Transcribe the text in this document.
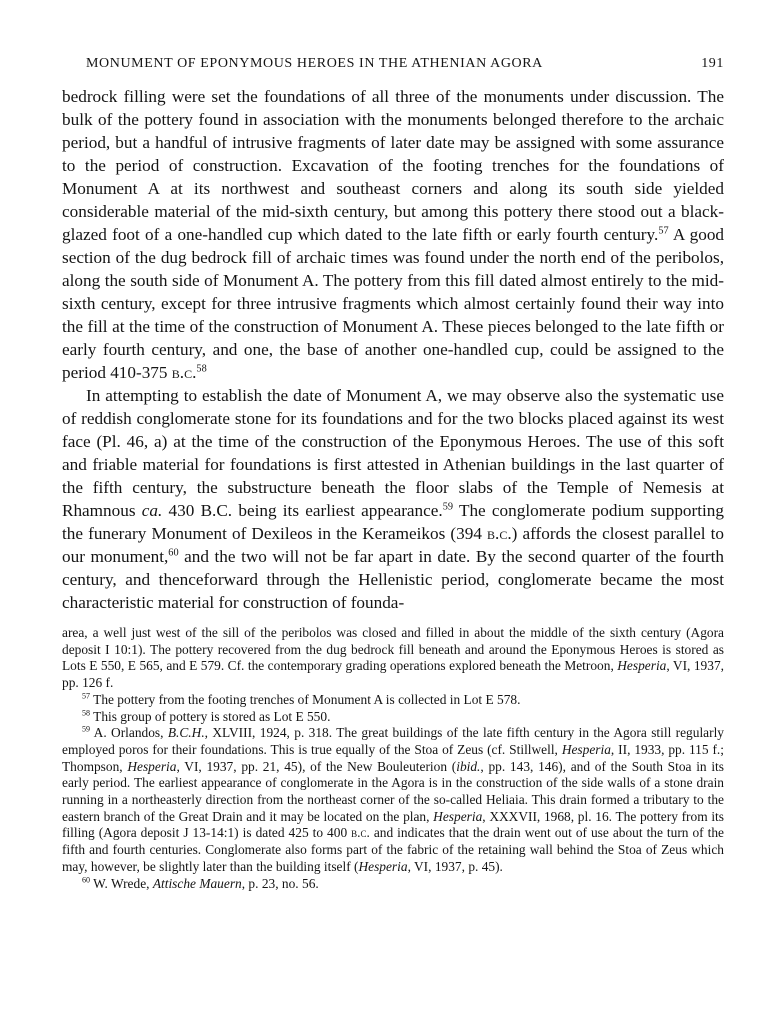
MONUMENT OF EPONYMOUS HEROES IN THE ATHENIAN AGORA	191

bedrock filling were set the foundations of all three of the monuments under discussion. The bulk of the pottery found in association with the monuments belonged therefore to the archaic period, but a handful of intrusive fragments of later date may be assigned with some assurance to the period of construction. Excavation of the footing trenches for the foundations of Monument A at its northwest and southeast corners and along its south side yielded considerable material of the mid-sixth century, but among this pottery there stood out a black-glazed foot of a one-handled cup which dated to the late fifth or early fourth century.$^{57}$ A good section of the dug bedrock fill of archaic times was found under the north end of the peribolos, along the south side of Monument A. The pottery from this fill dated almost entirely to the mid-sixth century, except for three intrusive fragments which almost certainly found their way into the fill at the time of the construction of Monument A. These pieces belonged to the late fifth or early fourth century, and one, the base of another one-handled cup, could be assigned to the period 410-375 b.c.$^{58}$

In attempting to establish the date of Monument A, we may observe also the systematic use of reddish conglomerate stone for its foundations and for the two blocks placed against its west face (Pl. 46, a) at the time of the construction of the Eponymous Heroes. The use of this soft and friable material for foundations is first attested in Athenian buildings in the last quarter of the fifth century, the substructure beneath the floor slabs of the Temple of Nemesis at Rhamnous ca. 430 B.C. being its earliest appearance.$^{59}$ The conglomerate podium supporting the funerary Monument of Dexileos in the Kerameikos (394 b.c.) affords the closest parallel to our monument,$^{60}$ and the two will not be far apart in date. By the second quarter of the fourth century, and thenceforward through the Hellenistic period, conglomerate became the most characteristic material for construction of founda-

area, a well just west of the sill of the peribolos was closed and filled in about the middle of the sixth century (Agora deposit I 10:1). The pottery recovered from the dug bedrock fill beneath and around the Eponymous Heroes is stored as Lots E 550, E 565, and E 579. Cf. the contemporary grading operations explored beneath the Metroon, Hesperia, VI, 1937, pp. 126 f.

$^{57}$ The pottery from the footing trenches of Monument A is collected in Lot E 578.

$^{58}$ This group of pottery is stored as Lot E 550.

$^{59}$ A. Orlandos, B.C.H., XLVIII, 1924, p. 318. The great buildings of the late fifth century in the Agora still regularly employed poros for their foundations. This is true equally of the Stoa of Zeus (cf. Stillwell, Hesperia, II, 1933, pp. 115 f.; Thompson, Hesperia, VI, 1937, pp. 21, 45), of the New Bouleuterion (ibid., pp. 143, 146), and of the South Stoa in its early period. The earliest appearance of conglomerate in the Agora is in the construction of the side walls of a stone drain running in a northeasterly direction from the northeast corner of the so-called Heliaia. This drain formed a tributary to the eastern branch of the Great Drain and it may be located on the plan, Hesperia, XXXVII, 1968, pl. 16. The pottery from its filling (Agora deposit J 13-14:1) is dated 425 to 400 b.c. and indicates that the drain went out of use about the turn of the fifth and fourth centuries. Conglomerate also forms part of the fabric of the retaining wall behind the Stoa of Zeus which may, however, be slightly later than the building itself (Hesperia, VI, 1937, p. 45).

$^{60}$ W. Wrede, Attische Mauern, p. 23, no. 56.
